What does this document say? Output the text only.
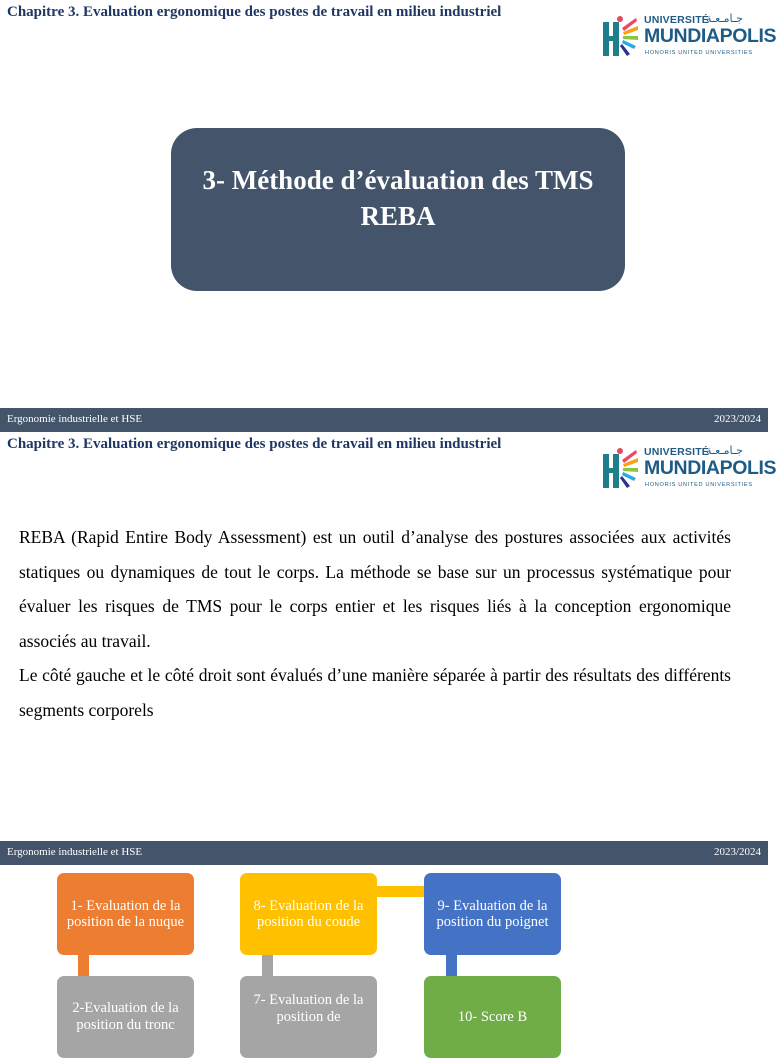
Chapitre 3. Evaluation ergonomique des postes de travail en milieu industriel	UNIVERSITÉ
جـامـعـة
MUNDIAPOLIS
HONORIS UNITED UNIVERSITIES
3- Méthode d’évaluation des TMS
REBA
Ergonomie industrielle et HSE	2023/2024
Chapitre 3. Evaluation ergonomique des postes de travail en milieu industriel	UNIVERSITÉ
جـامـعـة
MUNDIAPOLIS
HONORIS UNITED UNIVERSITIES

REBA (Rapid Entire Body Assessment) est un outil d’analyse des postures associées aux activités statiques ou dynamiques de tout le corps. La méthode se base sur un processus systématique pour évaluer les risques de TMS pour le corps entier et les risques liés à la conception ergonomique associés au travail.

Le côté gauche et le côté droit sont évalués d’une manière séparée à partir des résultats des différents segments corporels

Ergonomie industrielle et HSE	2023/2024
1- Evaluation de la position de la nuque
8- Evaluation de la position du coude
9- Evaluation de la position du poignet
2-Evaluation de la position du tronc
7- Evaluation de la position de	10- Score B
